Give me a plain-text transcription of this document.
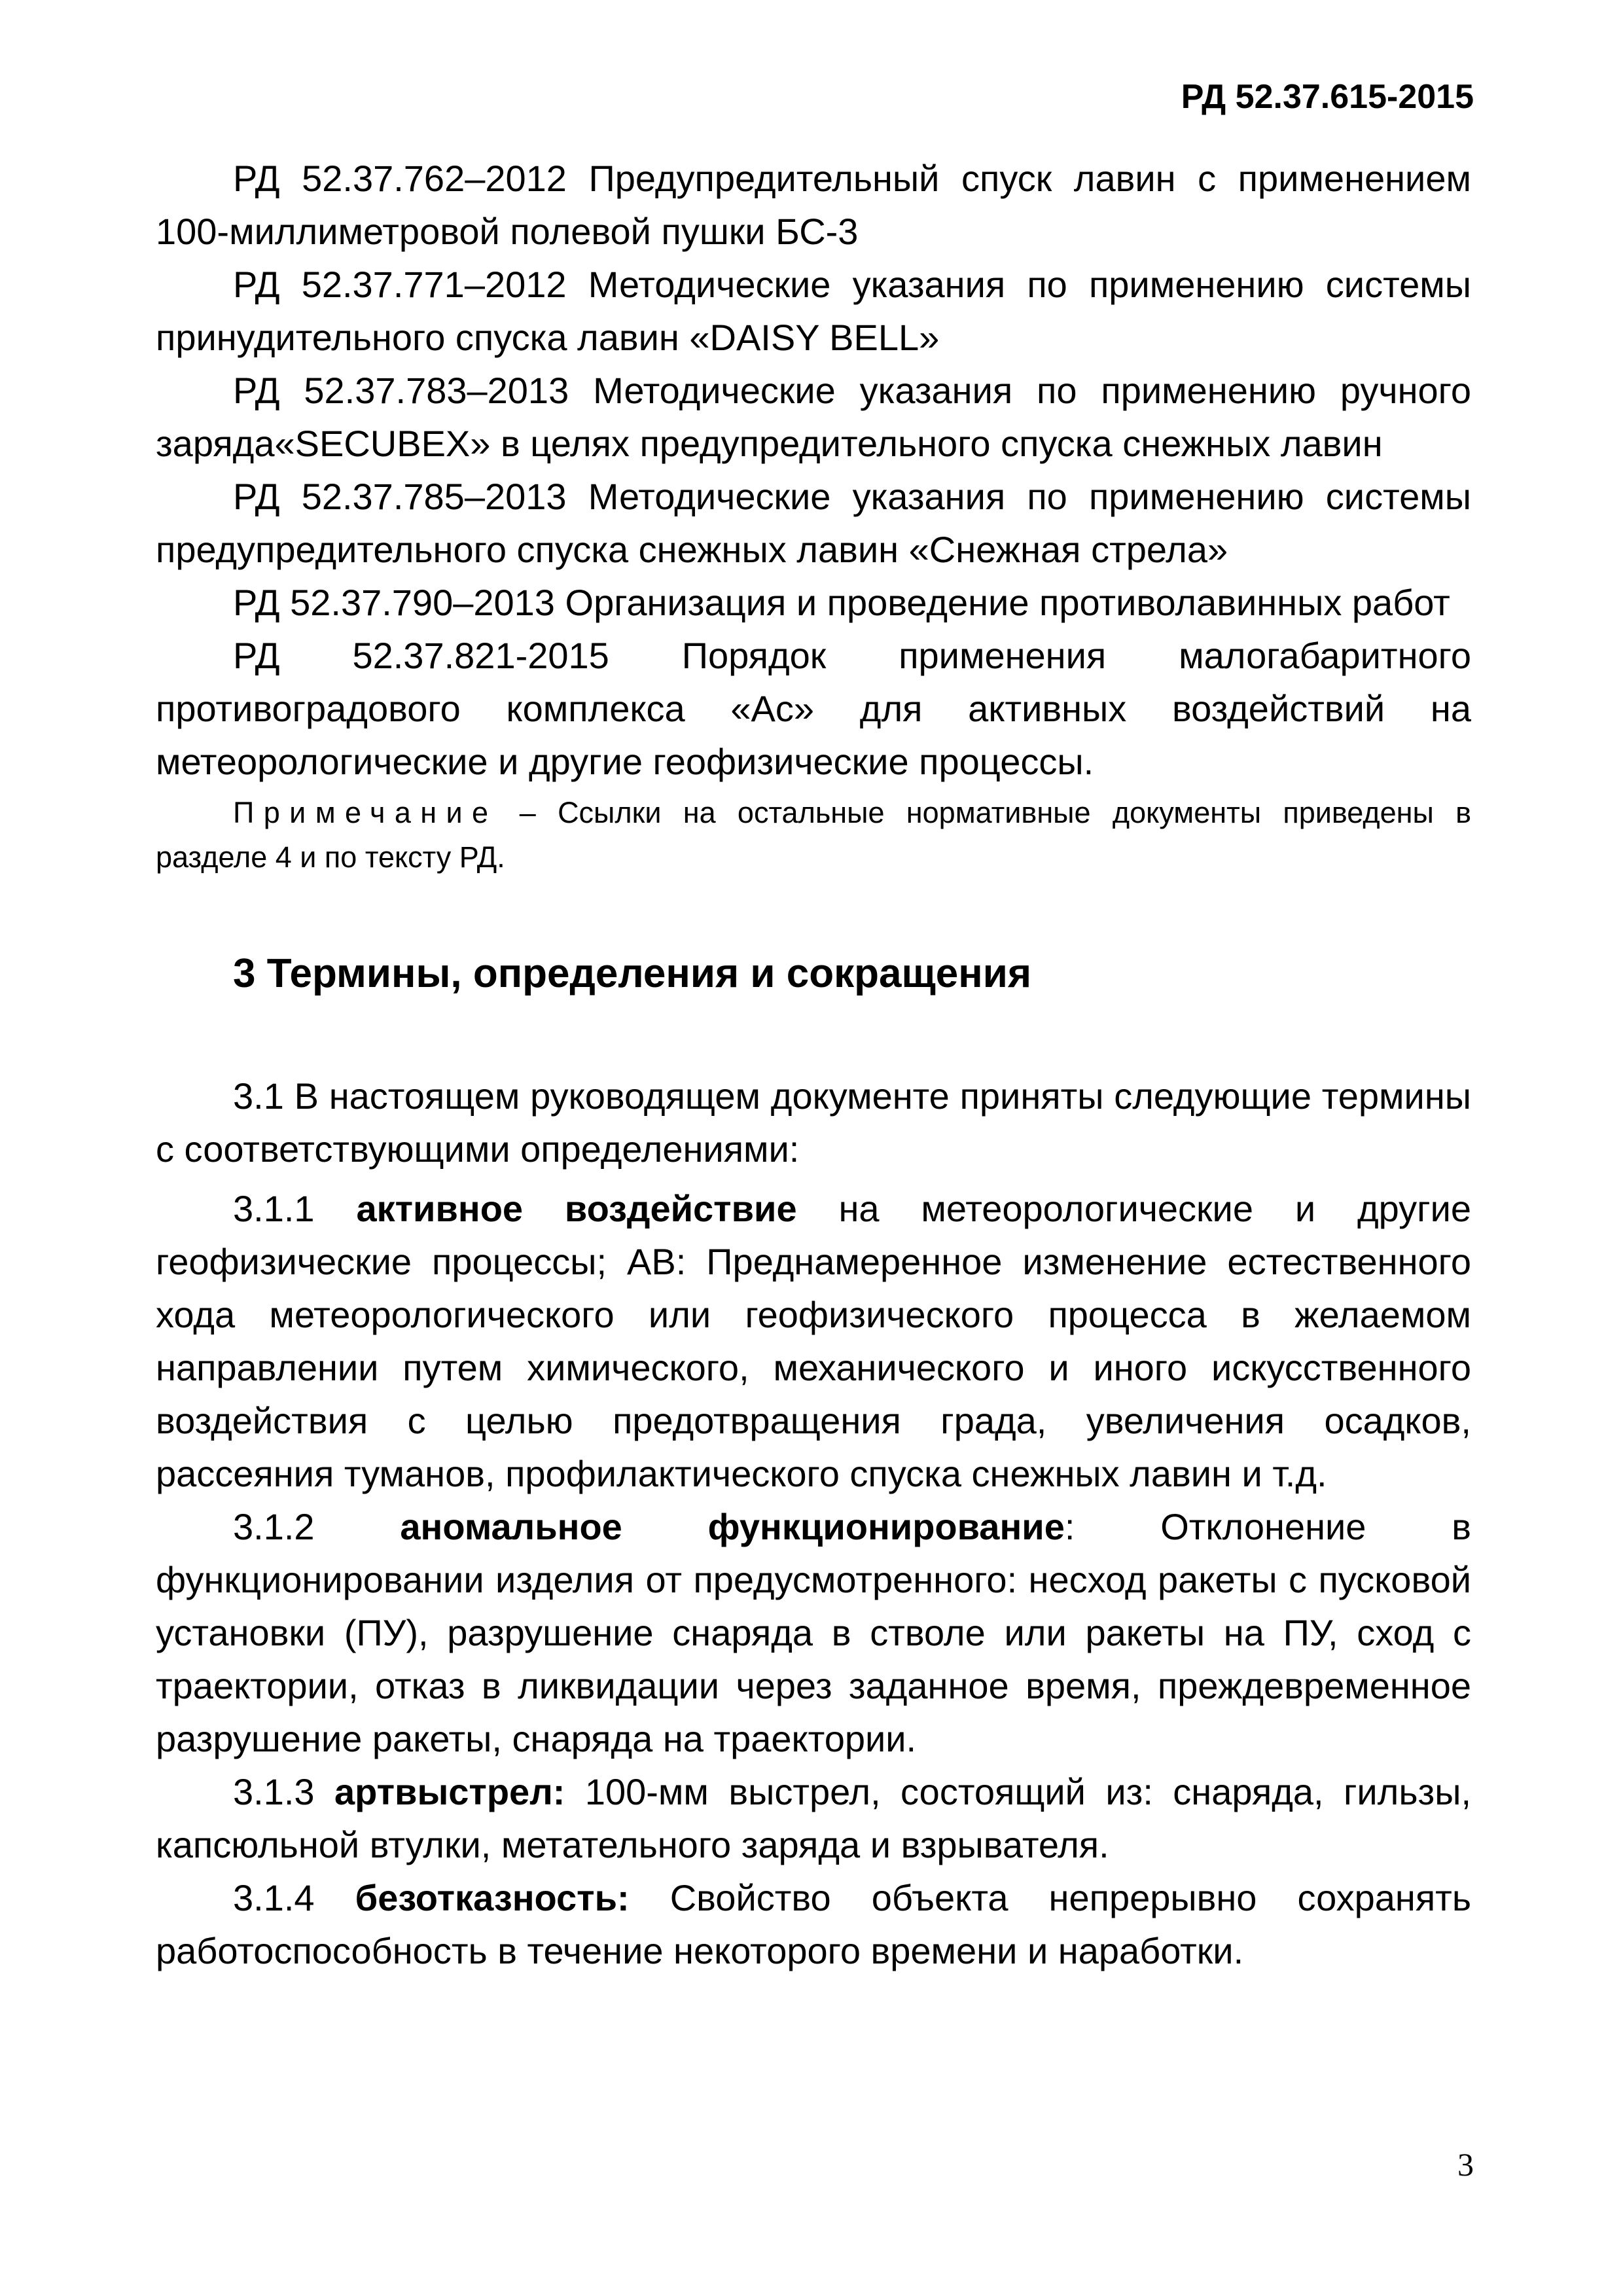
РД 52.37.615-2015

РД 52.37.762–2012 Предупредительный спуск лавин с применением 100-миллиметровой полевой пушки БС-3

РД 52.37.771–2012 Методические указания по применению системы принудительного спуска лавин «DAISY BELL»

РД 52.37.783–2013 Методические указания по применению ручного заряда«SECUBEX» в целях предупредительного спуска снежных лавин

РД 52.37.785–2013 Методические указания по применению системы предупредительного спуска снежных лавин «Снежная стрела»

РД 52.37.790–2013 Организация и проведение противолавинных работ

РД 52.37.821-2015 Порядок применения малогабаритного противоградового комплекса «Ас» для активных воздействий на метеорологические и другие геофизические процессы.

Примечание – Ссылки на остальные нормативные документы приведены в разделе 4 и по тексту РД.

3 Термины, определения и сокращения

3.1 В настоящем руководящем документе приняты следующие термины с соответствующими определениями:

3.1.1 активное воздействие на метеорологические и другие геофизические процессы; АВ: Преднамеренное изменение естественного хода метеорологического или геофизического процесса в желаемом направлении путем химического, механического и иного искусственного воздействия с целью предотвращения града, увеличения осадков, рассеяния туманов, профилактического спуска снежных лавин и т.д.

3.1.2 аномальное функционирование: Отклонение в функционировании изделия от предусмотренного: несход ракеты с пусковой установки (ПУ), разрушение снаряда в стволе или ракеты на ПУ, сход с траектории, отказ в ликвидации через заданное время, преждевременное разрушение ракеты, снаряда на траектории.

3.1.3 артвыстрел: 100-мм выстрел, состоящий из: снаряда, гильзы, капсюльной втулки, метательного заряда и взрывателя.

3.1.4 безотказность: Свойство объекта непрерывно сохранять работоспособность в течение некоторого времени и наработки.

3
